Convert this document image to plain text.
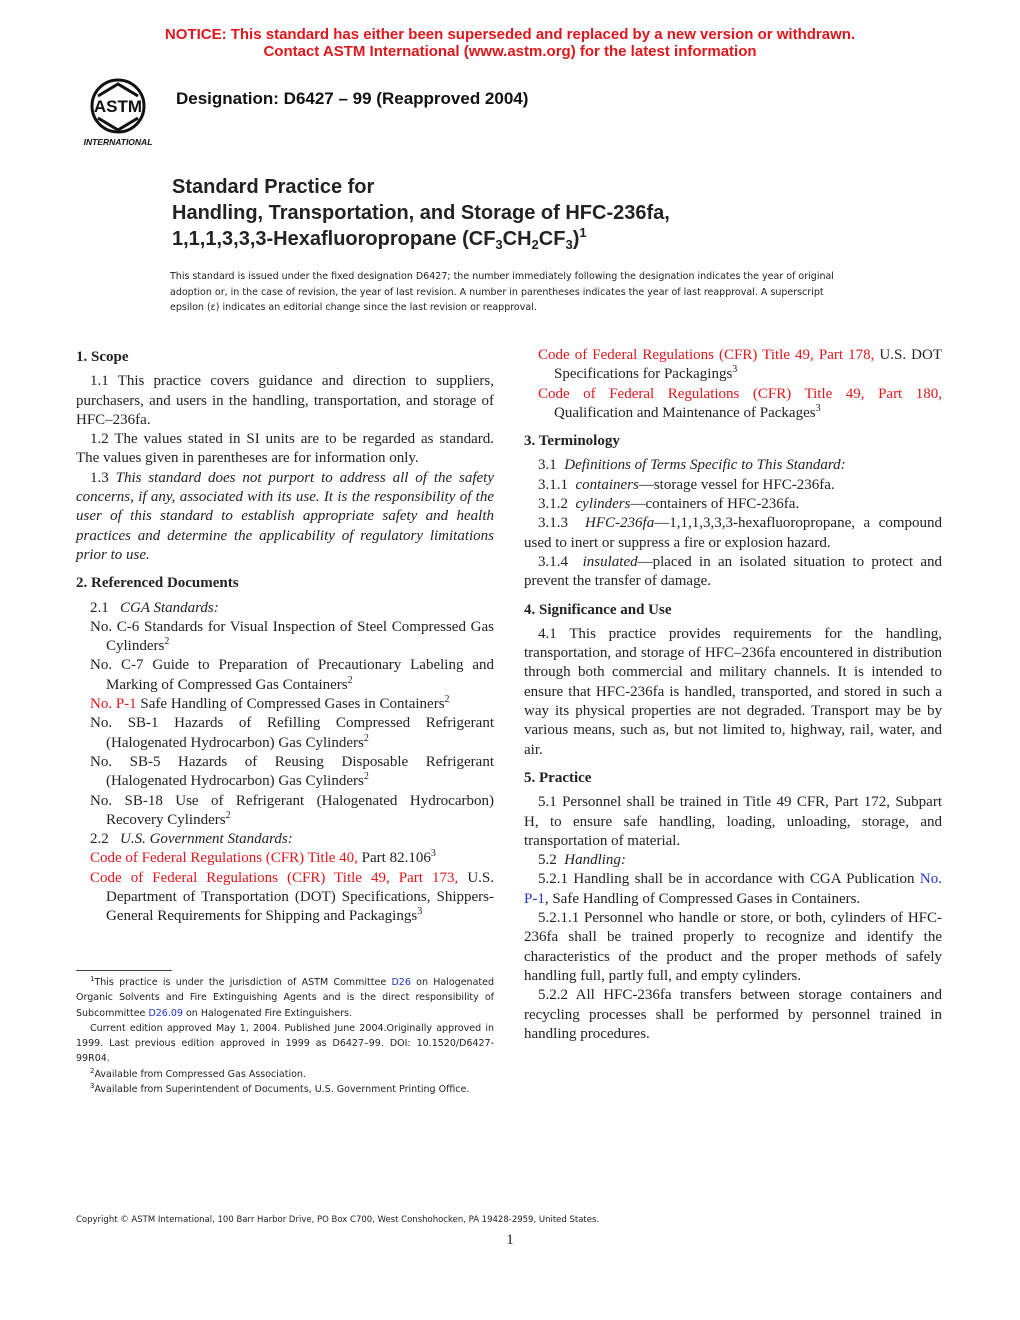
NOTICE: This standard has either been superseded and replaced by a new version or withdrawn.
Contact ASTM International (www.astm.org) for the latest information
ASTM
INTERNATIONAL
Designation: D6427 – 99 (Reapproved 2004)
Standard Practice for
Handling, Transportation, and Storage of HFC-236fa,
1,1,1,3,3,3-Hexafluoropropane $(CF_3CH_2CF_3)^1$
This standard is issued under the fixed designation D6427; the number immediately following the designation indicates the year of original adoption or, in the case of revision, the year of last revision. A number in parentheses indicates the year of last reapproval. A superscript epsilon (ε) indicates an editorial change since the last revision or reapproval.

1. Scope

1.1 This practice covers guidance and direction to suppliers, purchasers, and users in the handling, transportation, and storage of HFC–236fa.

1.2 The values stated in SI units are to be regarded as standard. The values given in parentheses are for information only.

1.3 This standard does not purport to address all of the safety concerns, if any, associated with its use. It is the responsibility of the user of this standard to establish appropriate safety and health practices and determine the applicability of regulatory limitations prior to use.

2. Referenced Documents

2.1 CGA Standards:

No. C-6 Standards for Visual Inspection of Steel Compressed Gas Cylinders$^2$

No. C-7 Guide to Preparation of Precautionary Labeling and Marking of Compressed Gas Containers$^2$

No. P-1 Safe Handling of Compressed Gases in Containers$^2$

No. SB-1 Hazards of Refilling Compressed Refrigerant (Halogenated Hydrocarbon) Gas Cylinders$^2$

No. SB-5 Hazards of Reusing Disposable Refrigerant (Halogenated Hydrocarbon) Gas Cylinders$^2$

No. SB-18 Use of Refrigerant (Halogenated Hydrocarbon) Recovery Cylinders$^2$

2.2 U.S. Government Standards:

Code of Federal Regulations (CFR) Title 40, Part 82.106$^3$

Code of Federal Regulations (CFR) Title 49, Part 173, U.S. Department of Transportation (DOT) Specifications, Shippers-General Requirements for Shipping and Packagings$^3$

Code of Federal Regulations (CFR) Title 49, Part 178, U.S. DOT Specifications for Packagings$^3$

Code of Federal Regulations (CFR) Title 49, Part 180, Qualification and Maintenance of Packages$^3$

3. Terminology

3.1 Definitions of Terms Specific to This Standard:

3.1.1 containers—storage vessel for HFC-236fa.

3.1.2 cylinders—containers of HFC-236fa.

3.1.3 HFC-236fa—1,1,1,3,3,3-hexafluoropropane, a compound used to inert or suppress a fire or explosion hazard.

3.1.4 insulated—placed in an isolated situation to protect and prevent the transfer of damage.

4. Significance and Use

4.1 This practice provides requirements for the handling, transportation, and storage of HFC–236fa encountered in distribution through both commercial and military channels. It is intended to ensure that HFC-236fa is handled, transported, and stored in such a way its physical properties are not degraded. Transport may be by various means, such as, but not limited to, highway, rail, water, and air.

5. Practice

5.1 Personnel shall be trained in Title 49 CFR, Part 172, Subpart H, to ensure safe handling, loading, unloading, storage, and transportation of material.

5.2 Handling:

5.2.1 Handling shall be in accordance with CGA Publication No. P-1, Safe Handling of Compressed Gases in Containers.

5.2.1.1 Personnel who handle or store, or both, cylinders of HFC-236fa shall be trained properly to recognize and identify the characteristics of the product and the proper methods of safely handling full, partly full, and empty cylinders.

5.2.2 All HFC-236fa transfers between storage containers and recycling processes shall be performed by personnel trained in handling procedures.

$^1$This practice is under the jurisdiction of ASTM Committee D26 on Halogenated Organic Solvents and Fire Extinguishing Agents and is the direct responsibility of Subcommittee D26.09 on Halogenated Fire Extinguishers.

Current edition approved May 1, 2004. Published June 2004.Originally approved in 1999. Last previous edition approved in 1999 as D6427–99. DOI: 10.1520/D6427-99R04.

$^2$Available from Compressed Gas Association.

$^3$Available from Superintendent of Documents, U.S. Government Printing Office.

Copyright © ASTM International, 100 Barr Harbor Drive, PO Box C700, West Conshohocken, PA 19428-2959, United States.
1
